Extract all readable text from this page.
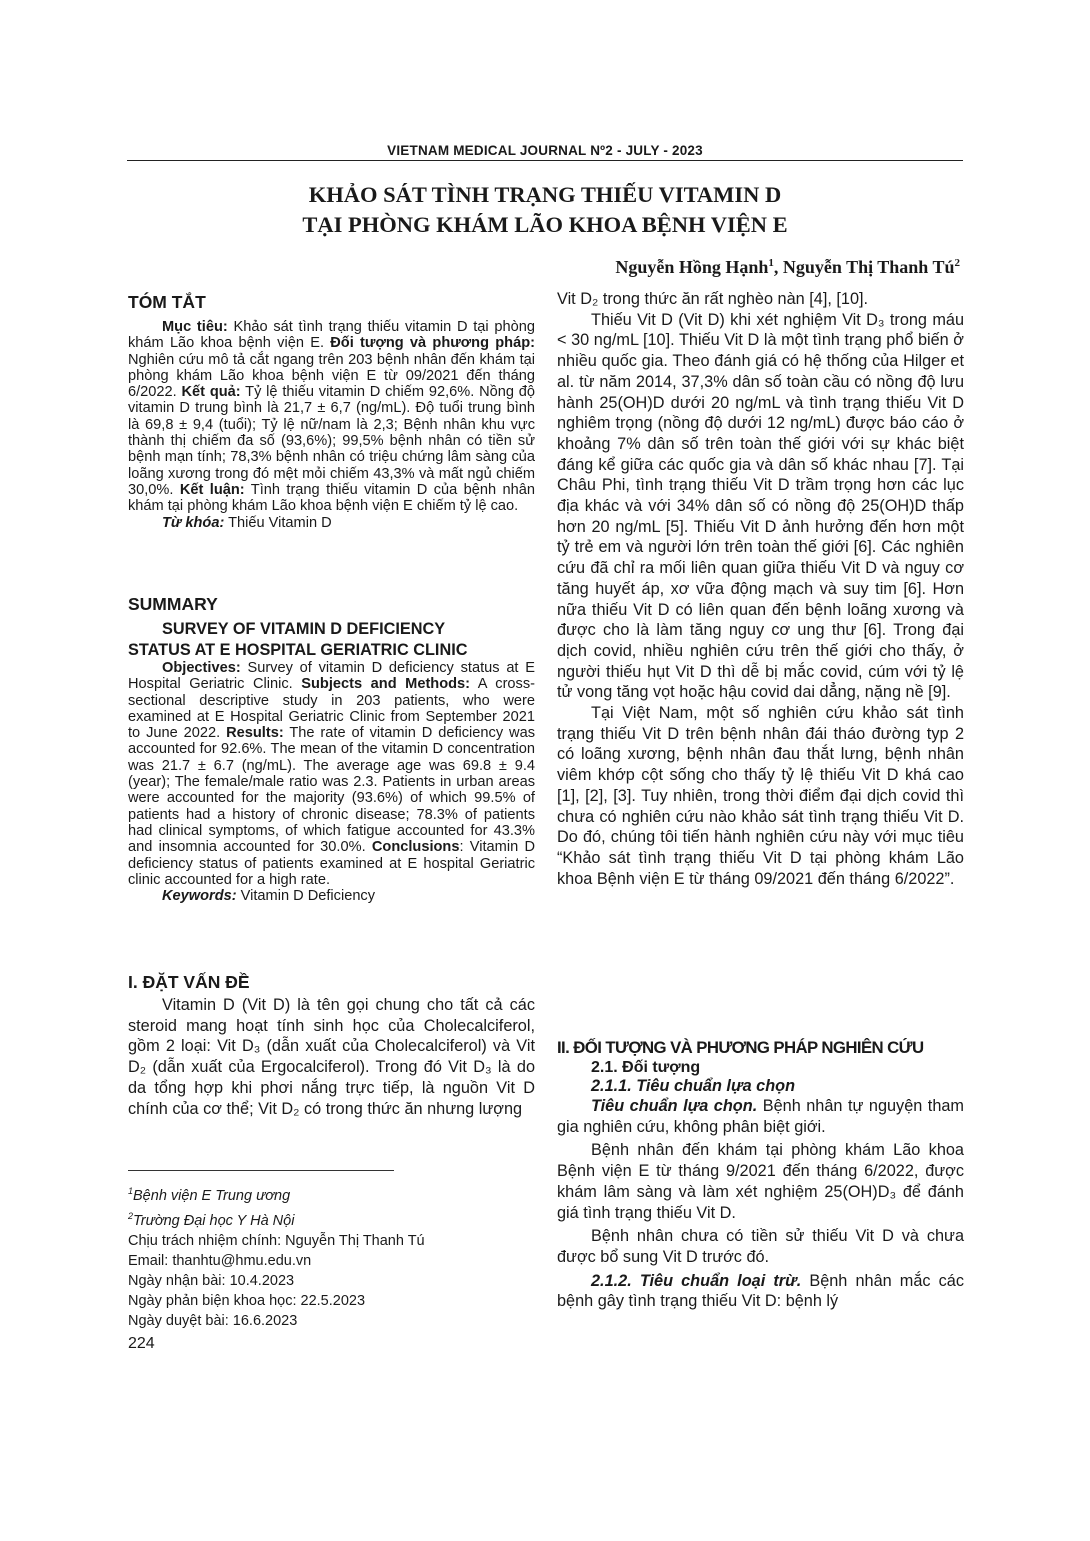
VIETNAM MEDICAL JOURNAL Nº2 - JULY - 2023
KHẢO SÁT TÌNH TRẠNG THIẾU VITAMIN D
TẠI PHÒNG KHÁM LÃO KHOA BỆNH VIỆN E
Nguyễn Hồng Hạnh$^1$, Nguyễn Thị Thanh $Tú^2$

TÓM TẮT

Mục tiêu: Khảo sát tình trạng thiếu vitamin D tại phòng khám Lão khoa bệnh viện E. Đối tượng và phương pháp: Nghiên cứu mô tả cắt ngang trên 203 bệnh nhân đến khám tại phòng khám Lão khoa bệnh viện E từ 09/2021 đến tháng 6/2022. Kết quả: Tỷ lệ thiếu vitamin D chiếm 92,6%. Nồng độ vitamin D trung bình là 21,7 ± 6,7 (ng/mL). Độ tuổi trung bình là 69,8 ± 9,4 (tuổi); Tỷ lệ nữ/nam là 2,3; Bệnh nhân khu vực thành thị chiếm đa số (93,6%); 99,5% bệnh nhân có tiền sử bệnh mạn tính; 78,3% bệnh nhân có triệu chứng lâm sàng của loãng xương trong đó mệt mỏi chiếm 43,3% và mất ngủ chiếm 30,0%. Kết luận: Tình trạng thiếu vitamin D của bệnh nhân khám tại phòng khám Lão khoa bệnh viện E chiếm tỷ lệ cao.

Từ khóa: Thiếu Vitamin D

SUMMARY

SURVEY OF VITAMIN D DEFICIENCY

STATUS AT E HOSPITAL GERIATRIC CLINIC

Objectives: Survey of vitamin D deficiency status at E Hospital Geriatric Clinic. Subjects and Methods: A cross-sectional descriptive study in 203 patients, who were examined at E Hospital Geriatric Clinic from September 2021 to June 2022. Results: The rate of vitamin D deficiency was accounted for 92.6%. The mean of the vitamin D concentration was 21.7 ± 6.7 (ng/mL). The average age was 69.8 ± 9.4 (year); The female/male ratio was 2.3. Patients in urban areas were accounted for the majority (93.6%) of which 99.5% of patients had a history of chronic disease; 78.3% of patients had clinical symptoms, of which fatigue accounted for 43.3% and insomnia accounted for 30.0%. Conclusions: Vitamin D deficiency status of patients examined at E hospital Geriatric clinic accounted for a high rate.

Keywords: Vitamin D Deficiency

I. ĐẶT VẤN ĐỀ

Vitamin D (Vit D) là tên gọi chung cho tất cả các steroid mang hoạt tính sinh học của Cholecalciferol, gồm 2 loại: Vit D₃ (dẫn xuất của Cholecalciferol) và Vit D₂ (dẫn xuất của Ergocalciferol). Trong đó Vit D₃ là do da tổng hợp khi phơi nắng trực tiếp, là nguồn Vit D chính của cơ thể; Vit D₂ có trong thức ăn nhưng lượng

$^1$Bệnh viện E Trung ương

$^2$Trường Đại học Y Hà Nội

Chịu trách nhiệm chính: Nguyễn Thị Thanh Tú

Email: thanhtu@hmu.edu.vn

Ngày nhận bài: 10.4.2023

Ngày phản biện khoa học: 22.5.2023

Ngày duyệt bài: 16.6.2023

224

Vit D₂ trong thức ăn rất nghèo nàn [4], [10].

Thiếu Vit D (Vit D) khi xét nghiệm Vit D₃ trong máu < 30 ng/mL [10]. Thiếu Vit D là một tình trạng phổ biến ở nhiều quốc gia. Theo đánh giá có hệ thống của Hilger et al. từ năm 2014, 37,3% dân số toàn cầu có nồng độ lưu hành 25(OH)D dưới 20 ng/mL và tình trạng thiếu Vit D nghiêm trọng (nồng độ dưới 12 ng/mL) được báo cáo ở khoảng 7% dân số trên toàn thế giới với sự khác biệt đáng kể giữa các quốc gia và dân số khác nhau [7]. Tại Châu Phi, tình trạng thiếu Vit D trầm trọng hơn các lục địa khác và với 34% dân số có nồng độ 25(OH)D thấp hơn 20 ng/mL [5]. Thiếu Vit D ảnh hưởng đến hơn một tỷ trẻ em và người lớn trên toàn thế giới [6]. Các nghiên cứu đã chỉ ra mối liên quan giữa thiếu Vit D và nguy cơ tăng huyết áp, xơ vữa động mạch và suy tim [6]. Hơn nữa thiếu Vit D có liên quan đến bệnh loãng xương và được cho là làm tăng nguy cơ ung thư [6]. Trong đại dịch covid, nhiều nghiên cứu trên thế giới cho thấy, ở người thiếu hụt Vit D thì dễ bị mắc covid, cúm với tỷ lệ tử vong tăng vọt hoặc hậu covid dai dẳng, nặng nề [9].

Tại Việt Nam, một số nghiên cứu khảo sát tình trạng thiếu Vit D trên bệnh nhân đái tháo đường typ 2 có loãng xương, bệnh nhân đau thắt lưng, bệnh nhân viêm khớp cột sống cho thấy tỷ lệ thiếu Vit D khá cao [1], [2], [3]. Tuy nhiên, trong thời điểm đại dịch covid thì chưa có nghiên cứu nào khảo sát tình trạng thiếu Vit D. Do đó, chúng tôi tiến hành nghiên cứu này với mục tiêu “Khảo sát tình trạng thiếu Vit D tại phòng khám Lão khoa Bệnh viện E từ tháng 09/2021 đến tháng 6/2022”.

II. ĐỐI TƯỢNG VÀ PHƯƠNG PHÁP NGHIÊN CỨU

2.1. Đối tượng

2.1.1. Tiêu chuẩn lựa chọn

Tiêu chuẩn lựa chọn. Bệnh nhân tự nguyện tham gia nghiên cứu, không phân biệt giới.

Bệnh nhân đến khám tại phòng khám Lão khoa Bệnh viện E từ tháng 9/2021 đến tháng 6/2022, được khám lâm sàng và làm xét nghiệm 25(OH)D₃ để đánh giá tình trạng thiếu Vit D.

Bệnh nhân chưa có tiền sử thiếu Vit D và chưa được bổ sung Vit D trước đó.

2.1.2. Tiêu chuẩn loại trừ. Bệnh nhân mắc các bệnh gây tình trạng thiếu Vit D: bệnh lý
